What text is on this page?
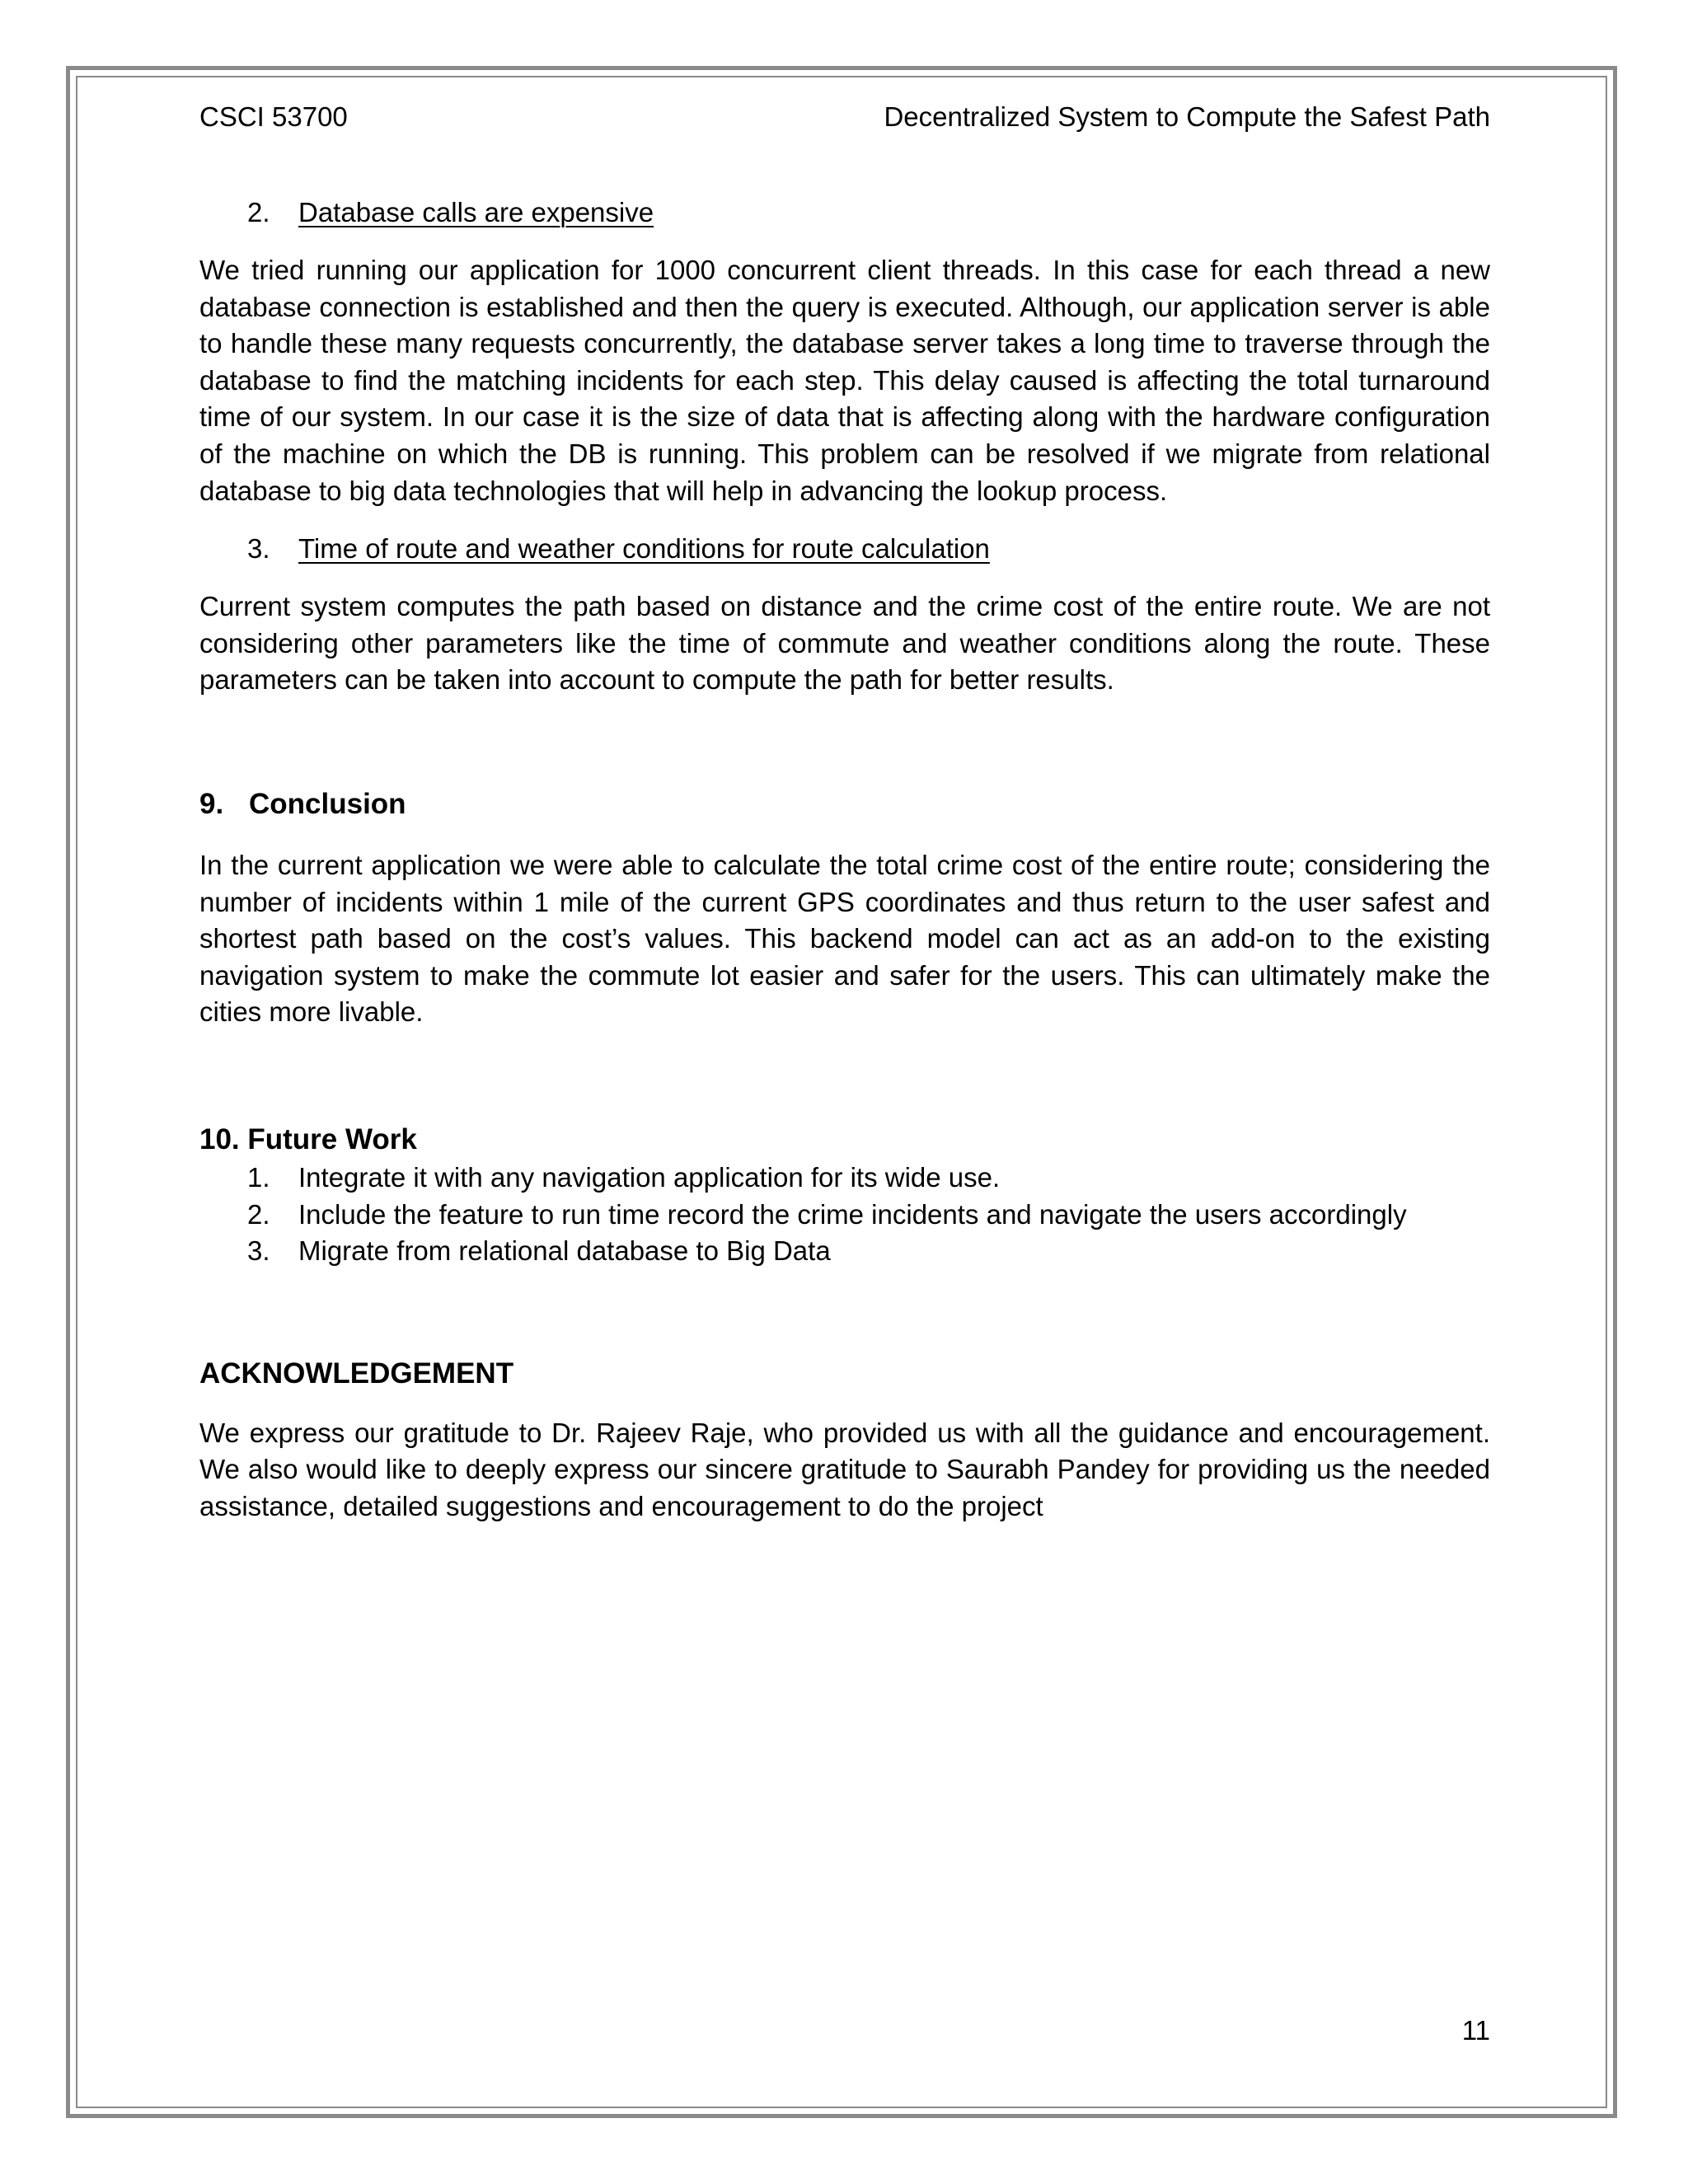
CSCI 53700	Decentralized System to Compute the Safest Path
2. Database calls are expensive

We tried running our application for 1000 concurrent client threads. In this case for each thread a new database connection is established and then the query is executed. Although, our application server is able to handle these many requests concurrently, the database server takes a long time to traverse through the database to find the matching incidents for each step. This delay caused is affecting the total turnaround time of our system. In our case it is the size of data that is affecting along with the hardware configuration of the machine on which the DB is running. This problem can be resolved if we migrate from relational database to big data technologies that will help in advancing the lookup process.

3. Time of route and weather conditions for route calculation

Current system computes the path based on distance and the crime cost of the entire route. We are not considering other parameters like the time of commute and weather conditions along the route. These parameters can be taken into account to compute the path for better results.

9. Conclusion

In the current application we were able to calculate the total crime cost of the entire route; considering the number of incidents within 1 mile of the current GPS coordinates and thus return to the user safest and shortest path based on the cost’s values. This backend model can act as an add-on to the existing navigation system to make the commute lot easier and safer for the users. This can ultimately make the cities more livable.

10. Future Work
1. Integrate it with any navigation application for its wide use.
2. Include the feature to run time record the crime incidents and navigate the users accordingly
3. Migrate from relational database to Big Data
ACKNOWLEDGEMENT

We express our gratitude to Dr. Rajeev Raje, who provided us with all the guidance and encouragement. We also would like to deeply express our sincere gratitude to Saurabh Pandey for providing us the needed assistance, detailed suggestions and encouragement to do the project

11
